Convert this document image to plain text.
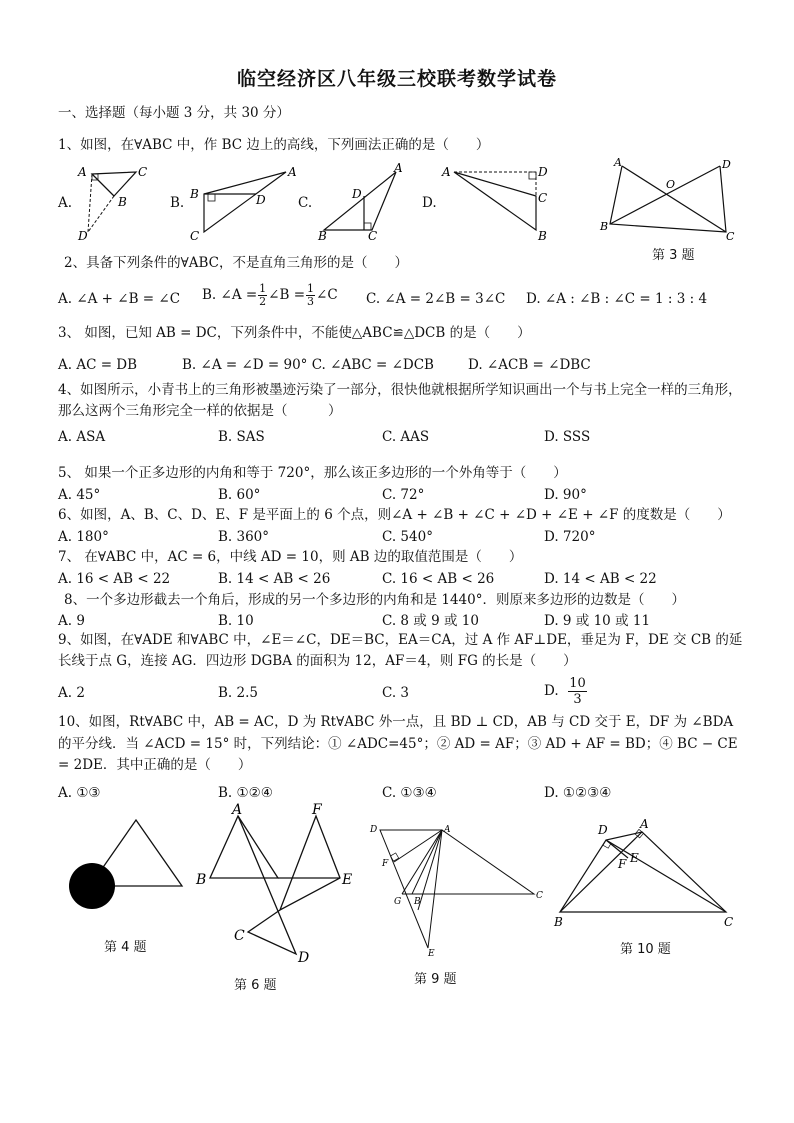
临空经济区八年级三校联考数学试卷
一、选择题（每小题 3 分，共 30 分）
1、如图，在∀ABC 中，作 BC 边上的高线，下列画法正确的是（　　）
A.	B.	C.	D.
A	C
B
D
B
A
D
C
A
D
B	C
A	D
C
B
A	D
O
B
C
第 3 题
2、具备下列条件的∀ABC，不是直角三角形的是（　　）
A. ∠A + ∠B = ∠C B. ∠A = $\frac{1}{2}$ ∠B = $\frac{1}{3}$ ∠C C. ∠A = 2∠B = 3∠C D. ∠A : ∠B : ∠C = 1 : 3 : 4
3、 如图，已知 AB = DC，下列条件中，不能使△ABC≌△DCB 的是（　　）
A. AC = DB	B. ∠A = ∠D = 90° C. ∠ABC = ∠DCB	D. ∠ACB = ∠DBC
4、如图所示，小青书上的三角形被墨迹污染了一部分，很快他就根据所学知识画出一个与书上完全一样的三角形，那么这两个三角形完全一样的依据是（　　　）
A. ASA	B. SAS	C. AAS	D. SSS
5、 如果一个正多边形的内角和等于 720°，那么该正多边形的一个外角等于（　　）
A. 45°	B. 60°	C. 72°	D. 90°
6、如图，A、B、C、D、E、F 是平面上的 6 个点，则∠A + ∠B + ∠C + ∠D + ∠E + ∠F 的度数是（　　）
A. 180°	B. 360°	C. 540°	D. 720°
7、 在∀ABC 中，AC = 6，中线 AD = 10，则 AB 边的取值范围是（　　）
A. 16 < AB < 22	B. 14 < AB < 26	C. 16 < AB < 26	D. 14 < AB < 22
8、一个多边形截去一个角后，形成的另一个多边形的内角和是 1440°．则原来多边形的边数是（　　）
A. 9	B. 10	C. 8 或 9 或 10	D. 9 或 10 或 11
9、如图，在∀ADE 和∀ABC 中，∠E＝∠C，DE＝BC，EA＝CA，过 A 作 AF⊥DE，垂足为 F，DE 交 CB 的延长线于点 G，连接 AG．四边形 DGBA 的面积为 12，AF＝4，则 FG 的长是（　　）
A. 2	B. 2.5	C. 3	D. $\frac{10}{3}$
10、如图，Rt∀ABC 中，AB = AC，D 为 Rt∀ABC 外一点，且 BD ⊥ CD，AB 与 CD 交于 E，DF 为 ∠BDA 的平分线．当 ∠ACD = 15° 时，下列结论：① ∠ADC=45°；② AD = AF；③ AD + AF = BD；④ BC − CE = 2DE．其中正确的是（　　）
A. ①③	B. ①②④	C. ①③④	D. ①②③④
第 4 题
A
B
F
E
C
D
第 6 题
D	A
F
G B
C
E
第 9 题
D	A
E
F
B	C
第 10 题
